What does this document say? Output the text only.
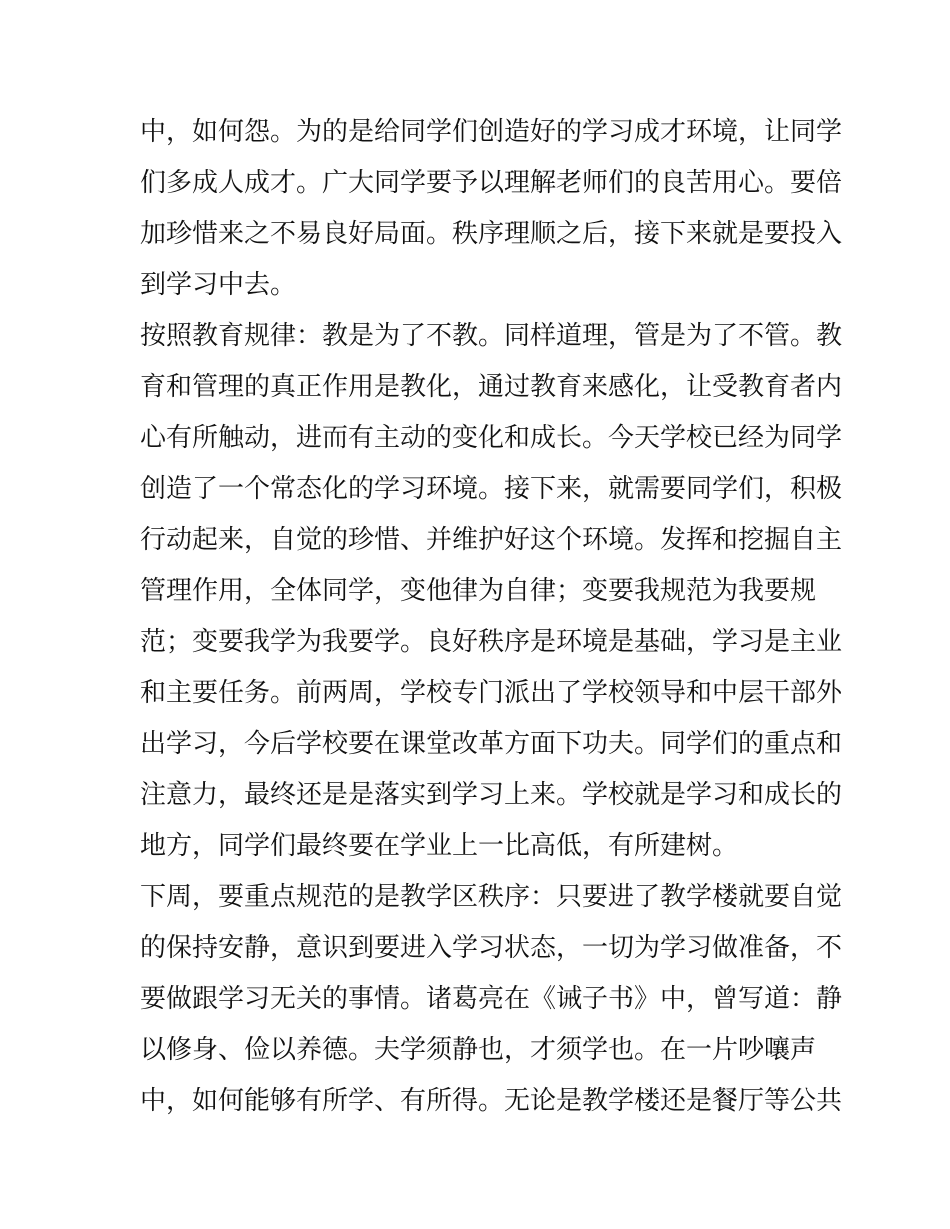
中，如何怨。为的是给同学们创造好的学习成才环境，让同学
们多成人成才。广大同学要予以理解老师们的良苦用心。要倍
加珍惜来之不易良好局面。秩序理顺之后，接下来就是要投入
到学习中去。
按照教育规律：教是为了不教。同样道理，管是为了不管。教
育和管理的真正作用是教化，通过教育来感化，让受教育者内
心有所触动，进而有主动的变化和成长。今天学校已经为同学
创造了一个常态化的学习环境。接下来，就需要同学们，积极
行动起来，自觉的珍惜、并维护好这个环境。发挥和挖掘自主
管理作用，全体同学，变他律为自律；变要我规范为我要规
范；变要我学为我要学。良好秩序是环境是基础，学习是主业
和主要任务。前两周，学校专门派出了学校领导和中层干部外
出学习，今后学校要在课堂改革方面下功夫。同学们的重点和
注意力，最终还是是落实到学习上来。学校就是学习和成长的
地方，同学们最终要在学业上一比高低，有所建树。
下周，要重点规范的是教学区秩序：只要进了教学楼就要自觉
的保持安静，意识到要进入学习状态，一切为学习做准备，不
要做跟学习无关的事情。诸葛亮在《诫子书》中，曾写道：静
以修身、俭以养德。夫学须静也，才须学也。在一片吵嚷声
中，如何能够有所学、有所得。无论是教学楼还是餐厅等公共
